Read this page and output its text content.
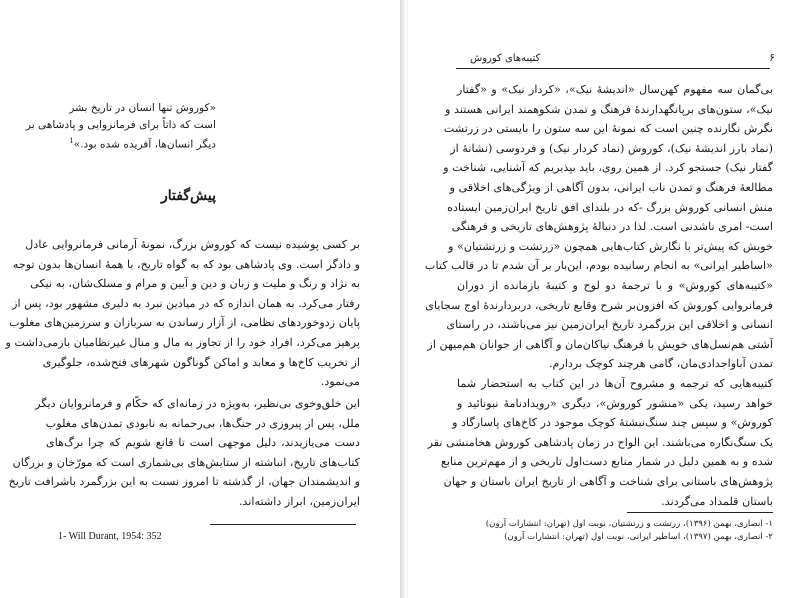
«کوروش تنها انسان در تاریخ بشر
است که ذاتاً برای فرمانروایی و پادشاهی بر
دیگر انسان‌ها، آفریده شده بود.»$^1$
پیش‌گفتار
بر کسی پوشیده نیست که کوروش بزرگ، نمونهٔ آرمانی فرمانروایی عادل
و دادگر است. وی پادشاهی بود که به گواه تاریخ، با همهٔ انسان‌ها بدون توجه
به نژاد و رنگ و ملیت و زبان و دین و آیین و مرام و مسلک‌شان، به نیکی
رفتار می‌کرد. به همان اندازه که در میادین نبرد به دلیری مشهور بود، پس از
پایان زدوخوردهای نظامی، از آزار رساندن به سربازان و سرزمین‌های مغلوب
پرهیز می‌کرد، افراد خود را از تجاوز به مال و منال غیرنظامیان بازمی‌داشت و
از تخریب کاخ‌ها و معابد و اماکن گوناگون شهرهای فتح‌شده، جلوگیری
می‌نمود.
این خلق‌وخوی بی‌نظیر، به‌ویژه در زمانه‌ای که حکّام و فرمانروایان دیگر
ملل، پس از پیروزی در جنگ‌ها، بی‌رحمانه به نابودی تمدن‌های مغلوب
دست می‌یازیدند، دلیل موجهی است تا قانع شویم که چرا برگ‌های
کتاب‌های تاریخ، انباشته از ستایش‌های بی‌شماری است که مورّخان و بزرگان
و اندیشمندان جهان، از گذشته تا امروز نسبت به این بزرگمرد باشرافت تاریخ
ایران‌زمین، ابراز داشته‌اند.
1- Will Durant, 1954: 352
۶
کتیبه‌های کوروش
بی‌گمان سه مفهوم کهن‌سال «اندیشهٔ نیک»، «کردار نیک» و «گفتار
نیک»، ستون‌های برپانگهدارندهٔ فرهنگ و تمدن شکوهمند ایرانی هستند و
نگرش نگارنده چنین است که نمونهٔ این سه ستون را بایستی در زرتشت
(نماد بارز اندیشهٔ نیک)، کوروش (نماد کردار نیک) و فردوسی (نشانهٔ از
گفتار نیک) جستجو کرد. از همین روی، باید بپذیریم که آشنایی، شناخت و
مطالعهٔ فرهنگ و تمدن ناب ایرانی، بدون آگاهی از ویژگی‌های اخلاقی و
منش انسانی کوروش بزرگ -که در بلندای افق تاریخ ایران‌زمین ایستاده
است- امری ناشدنی است. لذا در دنبالهٔ پژوهش‌های تاریخی و فرهنگی
خویش که پیش‌تر با نگارش کتاب‌هایی همچون «زرتشت و زرتشتیان» و
«اساطیر ایرانی» به انجام رسانیده بودم، این‌بار بر آن شدم تا در قالب کتاب
«کتیبه‌های کوروش» و با ترجمهٔ دو لوح و کتیبهٔ بازمانده از دوران
فرمانروایی کوروش که افزون‌بر شرح وقایع تاریخی، دربردارندهٔ اوج سجایای
انسانی و اخلاقی این بزرگمرد تاریخ ایران‌زمین نیز می‌باشند، در راستای
آشتی هم‌نسل‌های خویش با فرهنگ نیاکان‌مان و آگاهی از جوانان هم‌میهن از
تمدن آباواجدادی‌مان، گامی هرچند کوچک بردارم.
کتیبه‌هایی که ترجمه و مشروح آن‌ها در این کتاب به استحضار شما
خواهد رسید، یکی «منشور کوروش»، دیگری «رویدادنامهٔ نبونائید و
کوروش» و سپس چند سنگ‌نبشتهٔ کوچک موجود در کاخ‌های پاسارگاد و
یک سنگ‌نگاره می‌باشند. این الواح در زمان پادشاهی کوروش هخامنشی نقر
شده و به همین دلیل در شمار منابع دست‌اول تاریخی و از مهم‌ترین منابع
پژوهش‌های باستانی برای شناخت و آگاهی از تاریخ ایران باستان و جهان
باستان قلمداد می‌گردند.
۱- انصاری، بهمن (۱۳۹۶)، زرتشت و زرتشتیان، نوبت اول (تهران: انتشارات آرون)
۲- انصاری، بهمن (۱۳۹۷)، اساطیر ایرانی، نوبت اول (تهران: انتشارات آرون)
